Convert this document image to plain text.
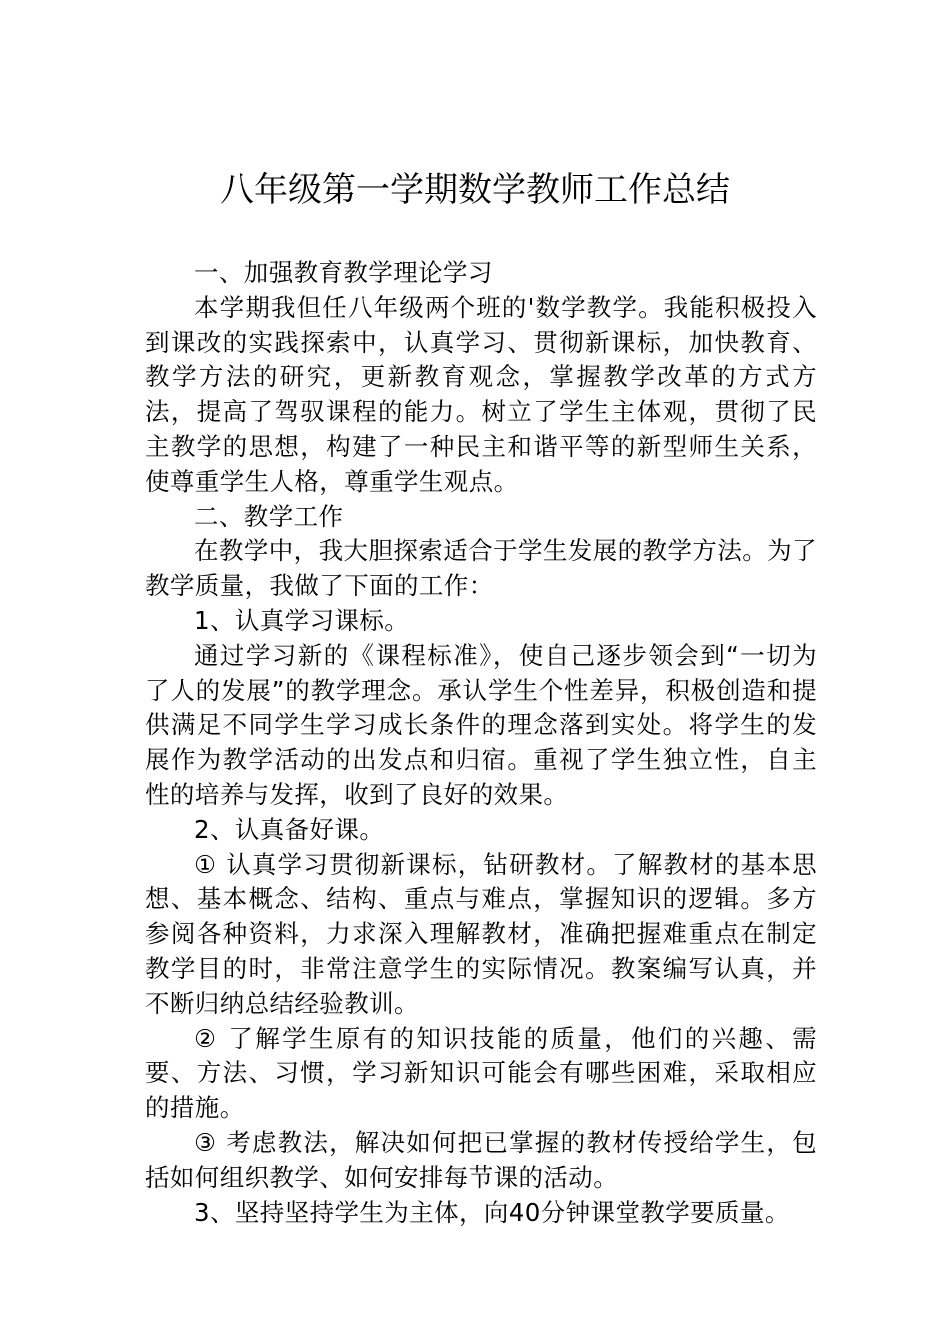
八年级第一学期数学教师工作总结

一、加强教育教学理论学习

本学期我但任八年级两个班的'数学教学。我能积极投入到课改的实践探索中，认真学习、贯彻新课标，加快教育、教学方法的研究，更新教育观念，掌握教学改革的方式方法，提高了驾驭课程的能力。树立了学生主体观，贯彻了民主教学的思想，构建了一种民主和谐平等的新型师生关系，使尊重学生人格，尊重学生观点。

二、教学工作

在教学中，我大胆探索适合于学生发展的教学方法。为了教学质量，我做了下面的工作：

1、认真学习课标。

通过学习新的《课程标准》，使自己逐步领会到“一切为了人的发展”的教学理念。承认学生个性差异，积极创造和提供满足不同学生学习成长条件的理念落到实处。将学生的发展作为教学活动的出发点和归宿。重视了学生独立性，自主性的培养与发挥，收到了良好的效果。

2、认真备好课。

① 认真学习贯彻新课标，钻研教材。了解教材的基本思想、基本概念、结构、重点与难点，掌握知识的逻辑。多方参阅各种资料，力求深入理解教材，准确把握难重点在制定教学目的时，非常注意学生的实际情况。教案编写认真，并不断归纳总结经验教训。

② 了解学生原有的知识技能的质量，他们的兴趣、需要、方法、习惯，学习新知识可能会有哪些困难，采取相应的措施。

③ 考虑教法，解决如何把已掌握的教材传授给学生，包括如何组织教学、如何安排每节课的活动。

3、坚持坚持学生为主体，向40分钟课堂教学要质量。
